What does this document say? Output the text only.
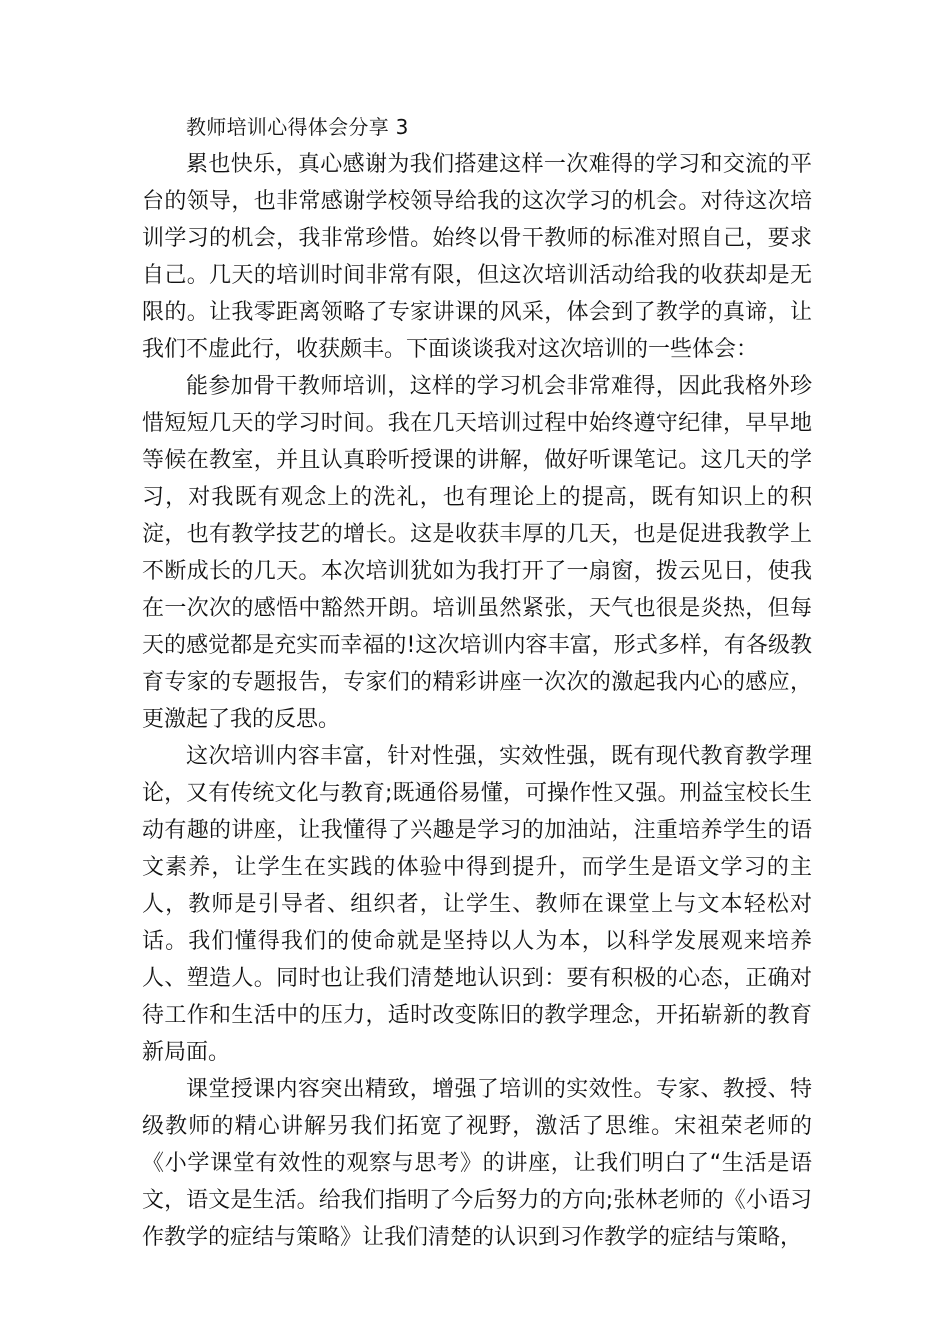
教师培训心得体会分享 3

累也快乐，真心感谢为我们搭建这样一次难得的学习和交流的平台的领导，也非常感谢学校领导给我的这次学习的机会。对待这次培训学习的机会，我非常珍惜。始终以骨干教师的标准对照自己，要求自己。几天的培训时间非常有限，但这次培训活动给我的收获却是无限的。让我零距离领略了专家讲课的风采，体会到了教学的真谛，让我们不虚此行，收获颇丰。下面谈谈我对这次培训的一些体会：

能参加骨干教师培训，这样的学习机会非常难得，因此我格外珍惜短短几天的学习时间。我在几天培训过程中始终遵守纪律，早早地等候在教室，并且认真聆听授课的讲解，做好听课笔记。这几天的学习，对我既有观念上的洗礼，也有理论上的提高，既有知识上的积淀，也有教学技艺的增长。这是收获丰厚的几天，也是促进我教学上不断成长的几天。本次培训犹如为我打开了一扇窗，拨云见日，使我在一次次的感悟中豁然开朗。培训虽然紧张，天气也很是炎热，但每天的感觉都是充实而幸福的!这次培训内容丰富，形式多样，有各级教育专家的专题报告，专家们的精彩讲座一次次的激起我内心的感应，更激起了我的反思。

这次培训内容丰富，针对性强，实效性强，既有现代教育教学理论，又有传统文化与教育;既通俗易懂，可操作性又强。刑益宝校长生动有趣的讲座，让我懂得了兴趣是学习的加油站，注重培养学生的语文素养，让学生在实践的体验中得到提升，而学生是语文学习的主人，教师是引导者、组织者，让学生、教师在课堂上与文本轻松对话。我们懂得我们的使命就是坚持以人为本，以科学发展观来培养人、塑造人。同时也让我们清楚地认识到：要有积极的心态，正确对待工作和生活中的压力，适时改变陈旧的教学理念，开拓崭新的教育新局面。

课堂授课内容突出精致，增强了培训的实效性。专家、教授、特级教师的精心讲解另我们拓宽了视野，激活了思维。宋祖荣老师的《小学课堂有效性的观察与思考》的讲座，让我们明白了“生活是语文，语文是生活。给我们指明了今后努力的方向;张林老师的《小语习作教学的症结与策略》让我们清楚的认识到习作教学的症结与策略，
